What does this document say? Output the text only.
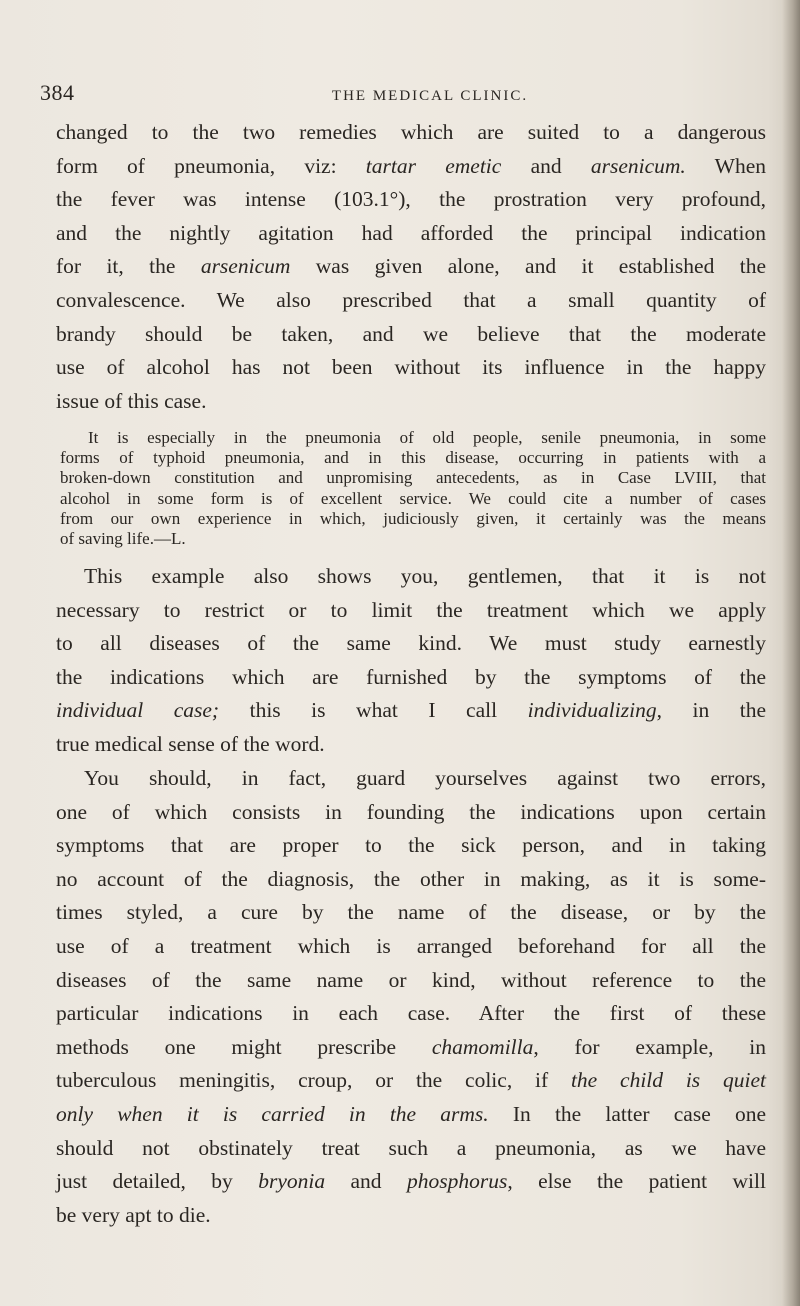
384	THE MEDICAL CLINIC.

changed to the two remedies which are suited to a dangerous
form of pneumonia, viz: tartar emetic and arsenicum. When
the fever was intense (103.1°), the prostration very profound,
and the nightly agitation had afforded the principal indication
for it, the arsenicum was given alone, and it established the
convalescence. We also prescribed that a small quantity of
brandy should be taken, and we believe that the moderate
use of alcohol has not been without its influence in the happy
issue of this case.

It is especially in the pneumonia of old people, senile pneumonia, in some
forms of typhoid pneumonia, and in this disease, occurring in patients with a
broken-down constitution and unpromising antecedents, as in Case LVIII, that
alcohol in some form is of excellent service. We could cite a number of cases
from our own experience in which, judiciously given, it certainly was the means
of saving life.—L.

This example also shows you, gentlemen, that it is not
necessary to restrict or to limit the treatment which we apply
to all diseases of the same kind. We must study earnestly
the indications which are furnished by the symptoms of the
individual case; this is what I call individualizing, in the
true medical sense of the word.

You should, in fact, guard yourselves against two errors,
one of which consists in founding the indications upon certain
symptoms that are proper to the sick person, and in taking
no account of the diagnosis, the other in making, as it is some-
times styled, a cure by the name of the disease, or by the
use of a treatment which is arranged beforehand for all the
diseases of the same name or kind, without reference to the
particular indications in each case. After the first of these
methods one might prescribe chamomilla, for example, in
tuberculous meningitis, croup, or the colic, if the child is quiet
only when it is carried in the arms. In the latter case one
should not obstinately treat such a pneumonia, as we have
just detailed, by bryonia and phosphorus, else the patient will
be very apt to die.
